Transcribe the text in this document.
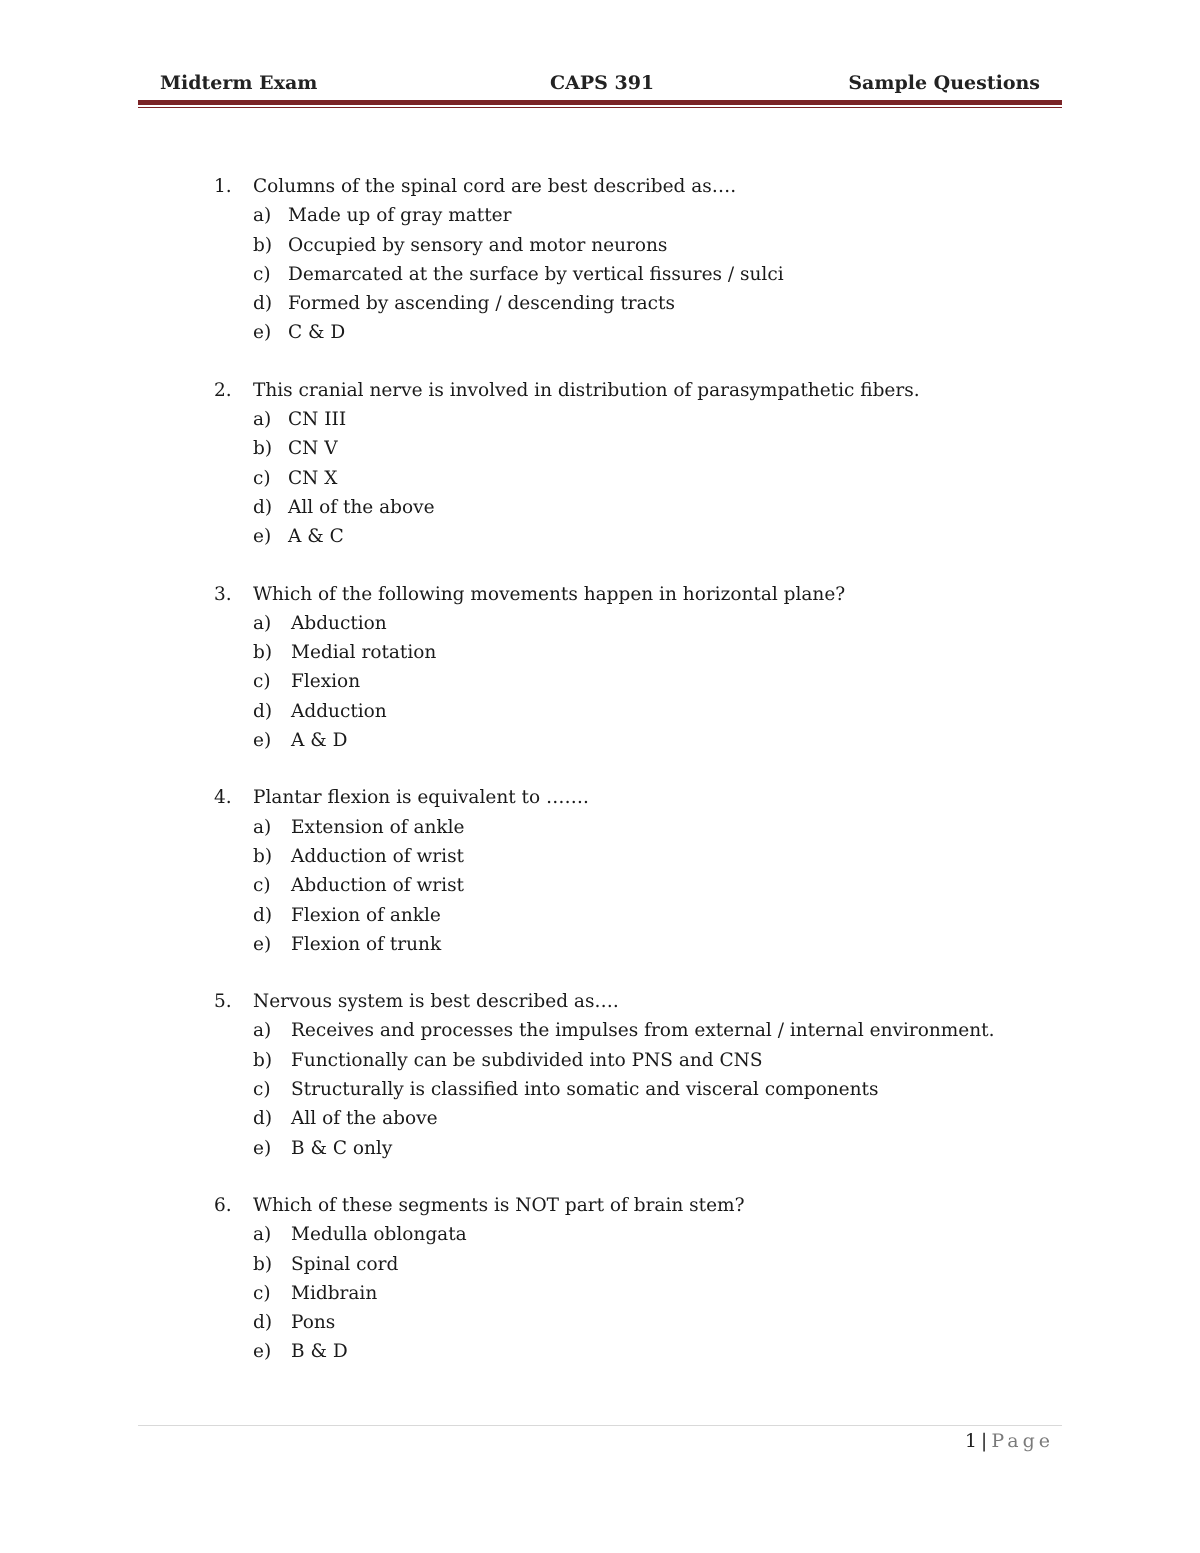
Midterm Exam	CAPS 391	Sample Questions
1.	Columns of the spinal cord are best described as….
a) Made up of gray matter
b) Occupied by sensory and motor neurons
c) Demarcated at the surface by vertical fissures / sulci
d) Formed by ascending / descending tracts
e) C & D
2.	This cranial nerve is involved in distribution of parasympathetic fibers.
a) CN III
b) CN V
c) CN X
d) All of the above
e) A & C
3.	Which of the following movements happen in horizontal plane?
a)	Abduction
b)	Medial rotation
c)	Flexion
d)	Adduction
e)	A & D
4.	Plantar flexion is equivalent to …….
a)	Extension of ankle
b)	Adduction of wrist
c)	Abduction of wrist
d)	Flexion of ankle
e)	Flexion of trunk
5.	Nervous system is best described as….
a)	Receives and processes the impulses from external / internal environment.
b)	Functionally can be subdivided into PNS and CNS
c)	Structurally is classified into somatic and visceral components
d)	All of the above
e)	B & C only
6.	Which of these segments is NOT part of brain stem?
a)	Medulla oblongata
b)	Spinal cord
c)	Midbrain
d)	Pons
e)	B & D
1 | Page
